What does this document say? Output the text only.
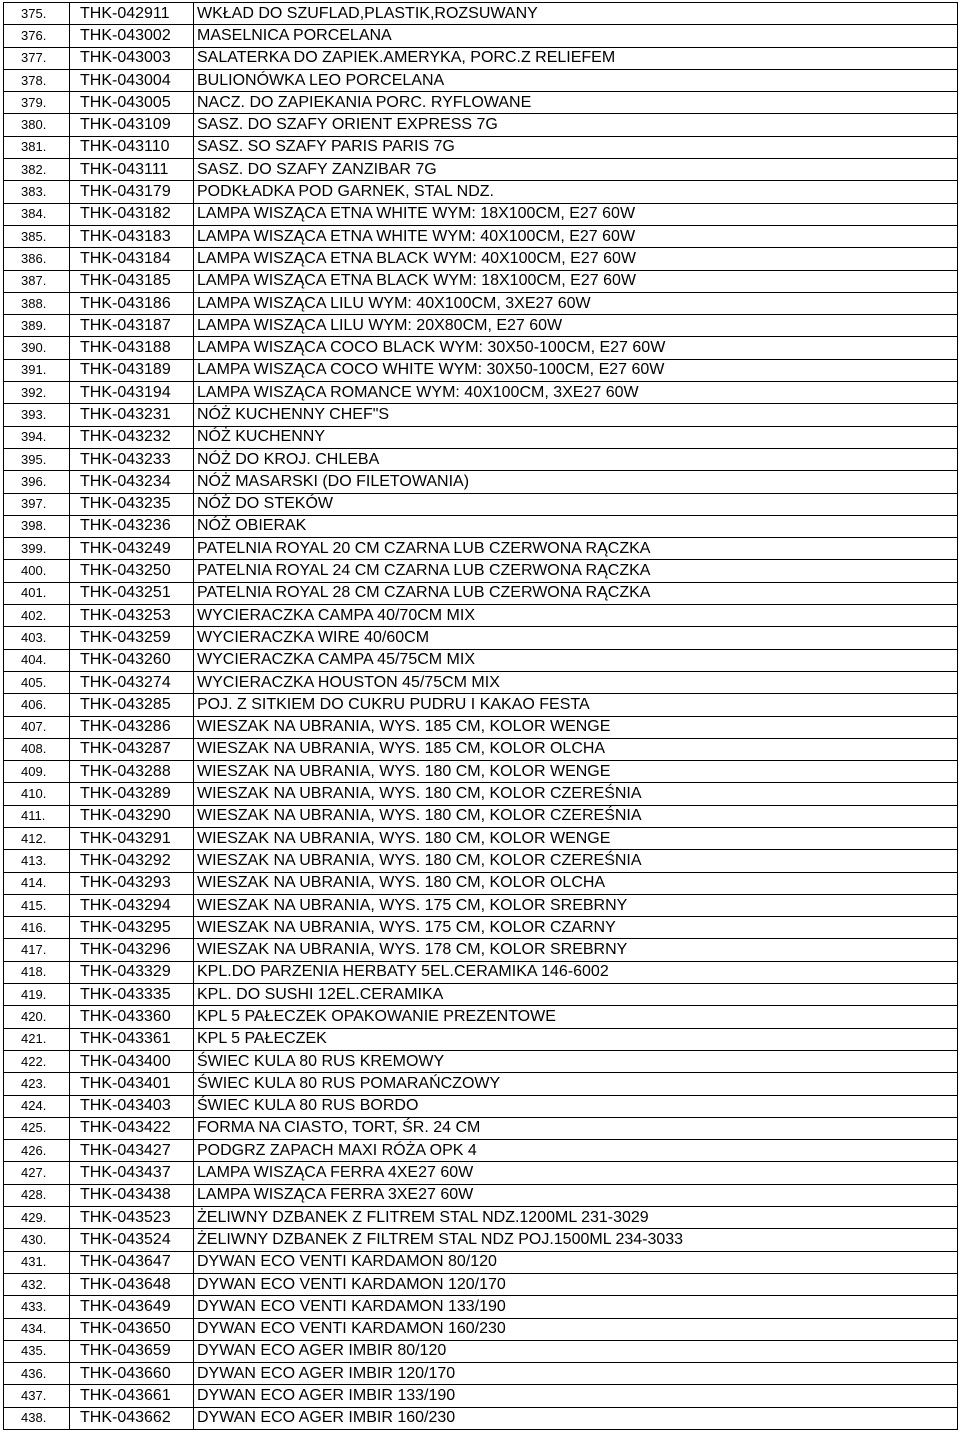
375.	THK-042911	WKŁAD DO SZUFLAD,PLASTIK,ROZSUWANY
376.	THK-043002	MASELNICA PORCELANA
377.	THK-043003	SALATERKA DO ZAPIEK.AMERYKA, PORC.Z RELIEFEM
378.	THK-043004	BULIONÓWKA LEO PORCELANA
379.	THK-043005	NACZ. DO ZAPIEKANIA PORC. RYFLOWANE
380.	THK-043109	SASZ. DO SZAFY ORIENT EXPRESS 7G
381.	THK-043110	SASZ. SO SZAFY PARIS PARIS 7G
382.	THK-043111	SASZ. DO SZAFY ZANZIBAR 7G
383.	THK-043179	PODKŁADKA POD GARNEK, STAL NDZ.
384.	THK-043182	LAMPA WISZĄCA ETNA WHITE WYM: 18X100CM, E27 60W
385.	THK-043183	LAMPA WISZĄCA ETNA WHITE WYM: 40X100CM, E27 60W
386.	THK-043184	LAMPA WISZĄCA ETNA BLACK WYM: 40X100CM, E27 60W
387.	THK-043185	LAMPA WISZĄCA ETNA BLACK WYM: 18X100CM, E27 60W
388.	THK-043186	LAMPA WISZĄCA LILU WYM: 40X100CM, 3XE27 60W
389.	THK-043187	LAMPA WISZĄCA LILU WYM: 20X80CM, E27 60W
390.	THK-043188	LAMPA WISZĄCA COCO BLACK WYM: 30X50-100CM, E27 60W
391.	THK-043189	LAMPA WISZĄCA COCO WHITE WYM: 30X50-100CM, E27 60W
392.	THK-043194	LAMPA WISZĄCA ROMANCE WYM: 40X100CM, 3XE27 60W
393.	THK-043231	NÓŻ KUCHENNY CHEF"S
394.	THK-043232	NÓŻ KUCHENNY
395.	THK-043233	NÓŻ DO KROJ. CHLEBA
396.	THK-043234	NÓŻ MASARSKI (DO FILETOWANIA)
397.	THK-043235	NÓŻ DO STEKÓW
398.	THK-043236	NÓŻ OBIERAK
399.	THK-043249	PATELNIA ROYAL 20 CM CZARNA LUB CZERWONA RĄCZKA
400.	THK-043250	PATELNIA ROYAL 24 CM CZARNA LUB CZERWONA RĄCZKA
401.	THK-043251	PATELNIA ROYAL 28 CM CZARNA LUB CZERWONA RĄCZKA
402.	THK-043253	WYCIERACZKA CAMPA 40/70CM MIX
403.	THK-043259	WYCIERACZKA WIRE 40/60CM
404.	THK-043260	WYCIERACZKA CAMPA 45/75CM MIX
405.	THK-043274	WYCIERACZKA HOUSTON 45/75CM MIX
406.	THK-043285	POJ. Z SITKIEM DO CUKRU PUDRU I KAKAO FESTA
407.	THK-043286	WIESZAK NA UBRANIA, WYS. 185 CM, KOLOR WENGE
408.	THK-043287	WIESZAK NA UBRANIA, WYS. 185 CM, KOLOR OLCHA
409.	THK-043288	WIESZAK NA UBRANIA, WYS. 180 CM, KOLOR WENGE
410.	THK-043289	WIESZAK NA UBRANIA, WYS. 180 CM, KOLOR CZEREŚNIA
411.	THK-043290	WIESZAK NA UBRANIA, WYS. 180 CM, KOLOR CZEREŚNIA
412.	THK-043291	WIESZAK NA UBRANIA, WYS. 180 CM, KOLOR WENGE
413.	THK-043292	WIESZAK NA UBRANIA, WYS. 180 CM, KOLOR CZEREŚNIA
414.	THK-043293	WIESZAK NA UBRANIA, WYS. 180 CM, KOLOR OLCHA
415.	THK-043294	WIESZAK NA UBRANIA, WYS. 175 CM, KOLOR SREBRNY
416.	THK-043295	WIESZAK NA UBRANIA, WYS. 175 CM, KOLOR CZARNY
417.	THK-043296	WIESZAK NA UBRANIA, WYS. 178 CM, KOLOR SREBRNY
418.	THK-043329	KPL.DO PARZENIA HERBATY 5EL.CERAMIKA 146-6002
419.	THK-043335	KPL. DO SUSHI 12EL.CERAMIKA
420.	THK-043360	KPL 5 PAŁECZEK OPAKOWANIE PREZENTOWE
421.	THK-043361	KPL 5 PAŁECZEK
422.	THK-043400	ŚWIEC KULA 80 RUS KREMOWY
423.	THK-043401	ŚWIEC KULA 80 RUS POMARAŃCZOWY
424.	THK-043403	ŚWIEC KULA 80 RUS BORDO
425.	THK-043422	FORMA NA CIASTO, TORT, ŚR. 24 CM
426.	THK-043427	PODGRZ ZAPACH MAXI RÓŻA OPK 4
427.	THK-043437	LAMPA WISZĄCA FERRA 4XE27 60W
428.	THK-043438	LAMPA WISZĄCA FERRA 3XE27 60W
429.	THK-043523	ŻELIWNY DZBANEK Z FLITREM STAL NDZ.1200ML 231-3029
430.	THK-043524	ŻELIWNY DZBANEK Z FILTREM STAL NDZ POJ.1500ML 234-3033
431.	THK-043647	DYWAN ECO VENTI KARDAMON 80/120
432.	THK-043648	DYWAN ECO VENTI KARDAMON 120/170
433.	THK-043649	DYWAN ECO VENTI KARDAMON 133/190
434.	THK-043650	DYWAN ECO VENTI KARDAMON 160/230
435.	THK-043659	DYWAN ECO AGER IMBIR 80/120
436.	THK-043660	DYWAN ECO AGER IMBIR 120/170
437.	THK-043661	DYWAN ECO AGER IMBIR 133/190
438.	THK-043662	DYWAN ECO AGER IMBIR 160/230
